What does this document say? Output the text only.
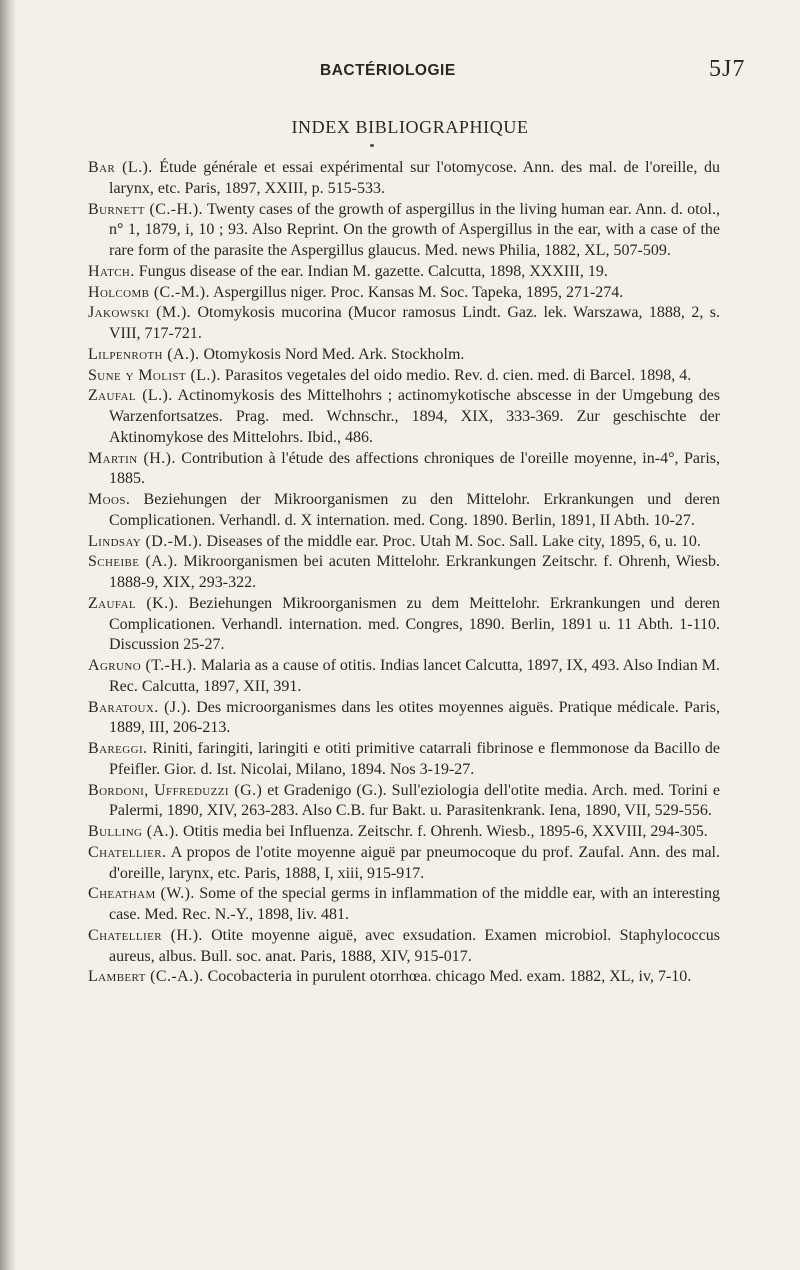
BACTÉRIOLOGIE	5J7
INDEX BIBLIOGRAPHIQUE

Bar (L.). Étude générale et essai expérimental sur l'otomycose. Ann. des mal. de l'oreille, du larynx, etc. Paris, 1897, XXIII, p. 515-533.

Burnett (C.-H.). Twenty cases of the growth of aspergillus in the living human ear. Ann. d. otol., n° 1, 1879, i, 10 ; 93. Also Reprint. On the growth of Aspergillus in the ear, with a case of the rare form of the parasite the Aspergillus glaucus. Med. news Philia, 1882, XL, 507-509.

Hatch. Fungus disease of the ear. Indian M. gazette. Calcutta, 1898, XXXIII, 19.

Holcomb (C.-M.). Aspergillus niger. Proc. Kansas M. Soc. Tapeka, 1895, 271-274.

Jakowski (M.). Otomykosis mucorina (Mucor ramosus Lindt. Gaz. lek. Warszawa, 1888, 2, s. VIII, 717-721.

Lilpenroth (A.). Otomykosis Nord Med. Ark. Stockholm.

Sune y Molist (L.). Parasitos vegetales del oido medio. Rev. d. cien. med. di Barcel. 1898, 4.

Zaufal (L.). Actinomykosis des Mittelhohrs ; actinomykotische abscesse in der Umgebung des Warzenfortsatzes. Prag. med. Wchnschr., 1894, XIX, 333-369. Zur geschischte der Aktinomykose des Mittelohrs. Ibid., 486.

Martin (H.). Contribution à l'étude des affections chroniques de l'oreille moyenne, in-4°, Paris, 1885.

Moos. Beziehungen der Mikroorganismen zu den Mittelohr. Erkrankungen und deren Complicationen. Verhandl. d. X internation. med. Cong. 1890. Berlin, 1891, II Abth. 10-27.

Lindsay (D.-M.). Diseases of the middle ear. Proc. Utah M. Soc. Sall. Lake city, 1895, 6, u. 10.

Scheibe (A.). Mikroorganismen bei acuten Mittelohr. Erkrankungen Zeitschr. f. Ohrenh, Wiesb. 1888-9, XIX, 293-322.

Zaufal (K.). Beziehungen Mikroorganismen zu dem Meittelohr. Erkrankungen und deren Complicationen. Verhandl. internation. med. Congres, 1890. Berlin, 1891 u. 11 Abth. 1-110. Discussion 25-27.

Agruno (T.-H.). Malaria as a cause of otitis. Indias lancet Calcutta, 1897, IX, 493. Also Indian M. Rec. Calcutta, 1897, XII, 391.

Baratoux. (J.). Des microorganismes dans les otites moyennes aiguës. Pratique médicale. Paris, 1889, III, 206-213.

Bareggi. Riniti, faringiti, laringiti e otiti primitive catarrali fibrinose e flemmonose da Bacillo de Pfeifler. Gior. d. Ist. Nicolai, Milano, 1894. Nos 3-19-27.

Bordoni, Uffreduzzi (G.) et Gradenigo (G.). Sull'eziologia dell'otite media. Arch. med. Torini e Palermi, 1890, XIV, 263-283. Also C.B. fur Bakt. u. Parasitenkrank. Iena, 1890, VII, 529-556.

Bulling (A.). Otitis media bei Influenza. Zeitschr. f. Ohrenh. Wiesb., 1895-6, XXVIII, 294-305.

Chatellier. A propos de l'otite moyenne aiguë par pneumocoque du prof. Zaufal. Ann. des mal. d'oreille, larynx, etc. Paris, 1888, I, xiii, 915-917.

Cheatham (W.). Some of the special germs in inflammation of the middle ear, with an interesting case. Med. Rec. N.-Y., 1898, liv. 481.

Chatellier (H.). Otite moyenne aiguë, avec exsudation. Examen microbiol. Staphylococcus aureus, albus. Bull. soc. anat. Paris, 1888, XIV, 915-017.

Lambert (C.-A.). Cocobacteria in purulent otorrhœa. chicago Med. exam. 1882, XL, iv, 7-10.
